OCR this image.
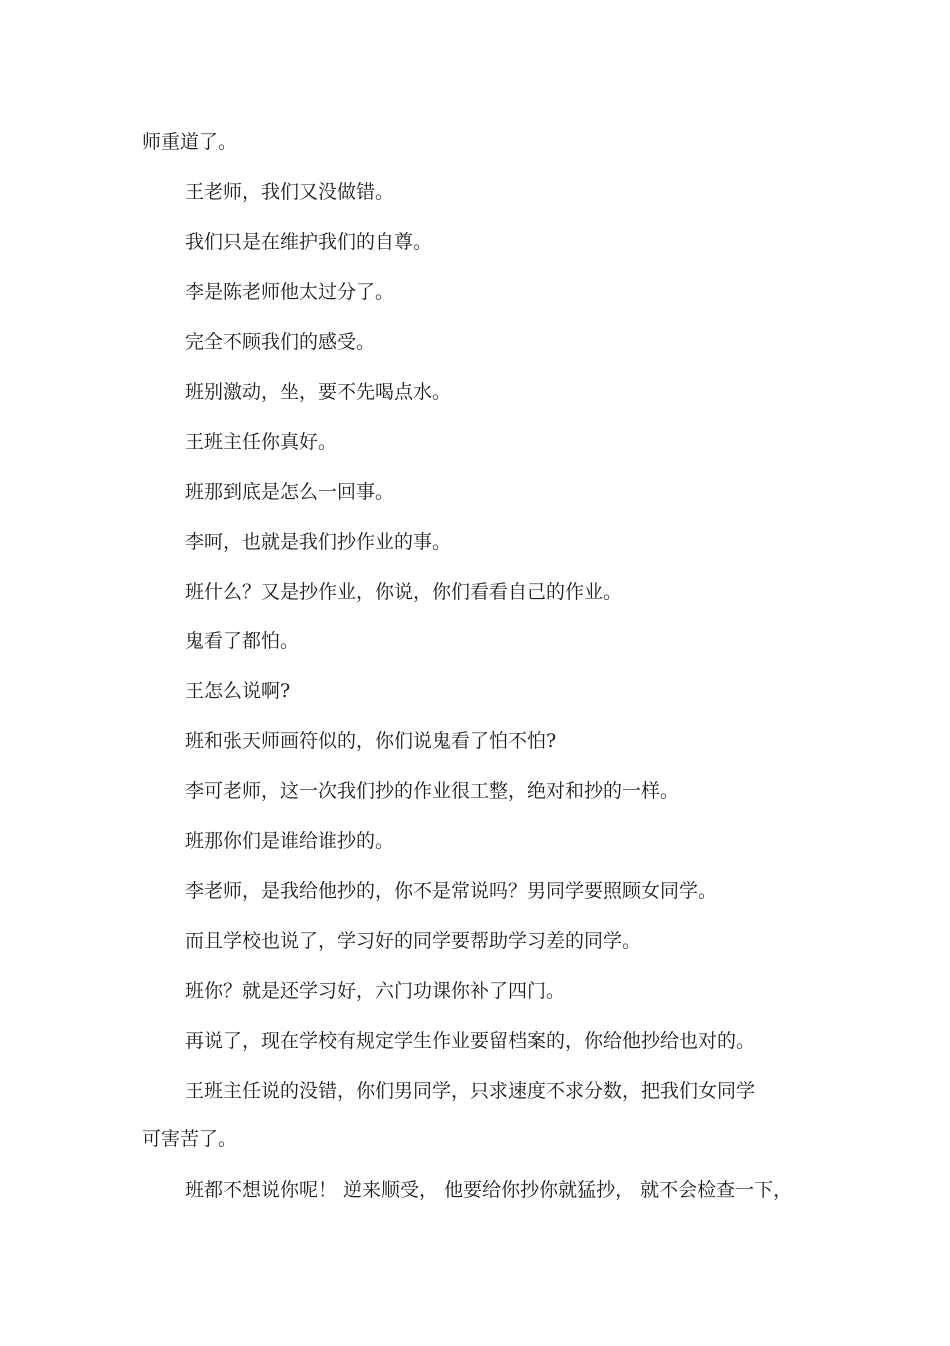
师重道了。
王老师，我们又没做错。
我们只是在维护我们的自尊。
李是陈老师他太过分了。
完全不顾我们的感受。
班别激动，坐，要不先喝点水。
王班主任你真好。
班那到底是怎么一回事。
李呵，也就是我们抄作业的事。
班什么？又是抄作业，你说，你们看看自己的作业。
鬼看了都怕。
王怎么说啊?
班和张天师画符似的，你们说鬼看了怕不怕?
李可老师，这一次我们抄的作业很工整，绝对和抄的一样。
班那你们是谁给谁抄的。
李老师，是我给他抄的，你不是常说吗？男同学要照顾女同学。
而且学校也说了，学习好的同学要帮助学习差的同学。
班你？就是还学习好，六门功课你补了四门。
再说了，现在学校有规定学生作业要留档案的，你给他抄给也对的。
王班主任说的没错，你们男同学，只求速度不求分数，把我们女同学
可害苦了。
班都不想说你呢！ 逆来顺受， 他要给你抄你就猛抄， 就不会检查一下，
